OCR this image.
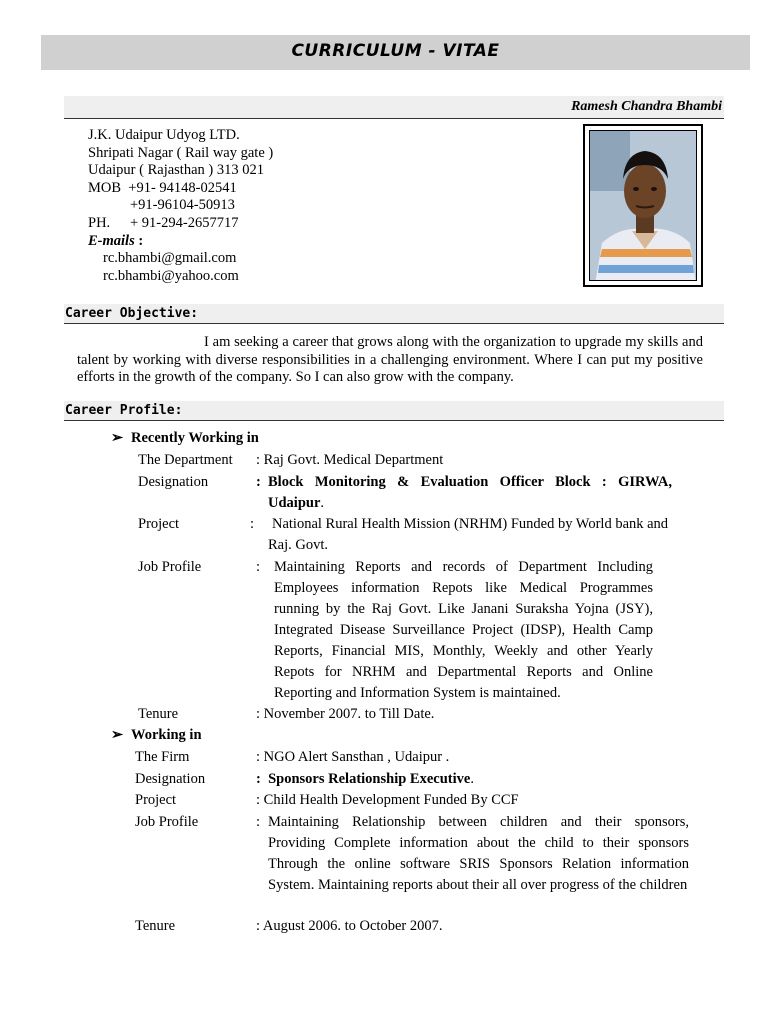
CURRICULUM - VITAE
Ramesh Chandra Bhambi
J.K. Udaipur Udyog LTD.
Shripati Nagar ( Rail way gate )
Udaipur ( Rajasthan ) 313 021
MOB +91- 94148-02541
+91-96104-50913
PH. + 91-294-2657717
E-mails :
rc.bhambi@gmail.com
rc.bhambi@yahoo.com
Career Objective:
I am seeking a career that grows along with the organization to upgrade my skills and talent by working with diverse responsibilities in a challenging environment. Where I can put my positive efforts in the growth of the company. So I can also grow with the company.
Career Profile:
➢ Recently Working in
The Department : Raj Govt. Medical Department
Designation	: Block Monitoring & Evaluation Officer Block : GIRWA, Udaipur.
Project	: National Rural Health Mission (NRHM) Funded by World bank and Raj. Govt.
Job Profile	: Maintaining Reports and records of Department Including Employees information Repots like Medical Programmes running by the Raj Govt. Like Janani Suraksha Yojna (JSY), Integrated Disease Surveillance Project (IDSP), Health Camp Reports, Financial MIS, Monthly, Weekly and other Yearly Repots for NRHM and Departmental Reports and Online Reporting and Information System is maintained.
Tenure	: November 2007. to Till Date.
➢ Working in
The Firm	: NGO Alert Sansthan , Udaipur .
Designation	: Sponsors Relationship Executive.
Project	: Child Health Development Funded By CCF
Job Profile	: Maintaining Relationship between children and their sponsors, Providing Complete information about the child to their sponsors Through the online software SRIS Sponsors Relation information System. Maintaining reports about their all over progress of the children
Tenure	: August 2006. to October 2007.
